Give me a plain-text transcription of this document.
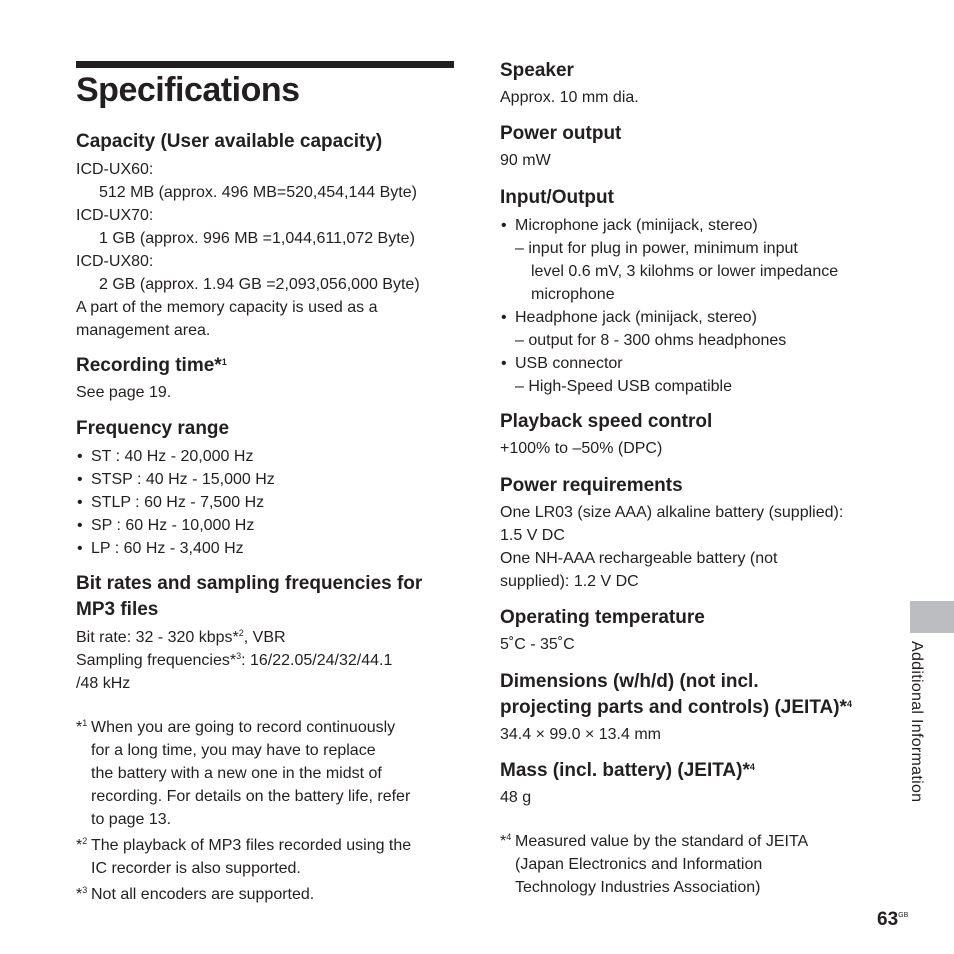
Specifications
Capacity (User available capacity)

ICD-UX60:

512 MB (approx. 496 MB=520,454,144 Byte)

ICD-UX70:

1 GB (approx. 996 MB =1,044,611,072 Byte)

ICD-UX80:

2 GB (approx. 1.94 GB =2,093,056,000 Byte)

A part of the memory capacity is used as a

management area.

Recording time*$^1$

See page 19.

Frequency range
• ST : 40 Hz - 20,000 Hz
• STSP : 40 Hz - 15,000 Hz
• STLP : 60 Hz - 7,500 Hz
• SP : 60 Hz - 10,000 Hz
• LP : 60 Hz - 3,400 Hz
Bit rates and sampling frequencies for
MP3 files

Bit rate: 32 - 320 kbps*$^2$, VBR

Sampling frequencies*$^3$: 16/22.05/24/32/44.1

/48 kHz

*$^1$ When you are going to record continuously
for a long time, you may have to replace
the battery with a new one in the midst of
recording. For details on the battery life, refer
to page 13.
*$^2$ The playback of MP3 files recorded using the
IC recorder is also supported.
*$^3$ Not all encoders are supported.
Speaker

Approx. 10 mm dia.

Power output

90 mW

Input/Output
• Microphone jack (minijack, stereo)
– input for plug in power, minimum input
level 0.6 mV, 3 kilohms or lower impedance
microphone
• Headphone jack (minijack, stereo)
– output for 8 - 300 ohms headphones
• USB connector
– High-Speed USB compatible
Playback speed control

+100% to –50% (DPC)

Power requirements

One LR03 (size AAA) alkaline battery (supplied):

1.5 V DC

One NH-AAA rechargeable battery (not

supplied): 1.2 V DC

Operating temperature

5˚C - 35˚C

Dimensions (w/h/d) (not incl.
projecting parts and controls) (JEITA)*$^4$

34.4 × 99.0 × 13.4 mm

Mass (incl. battery) (JEITA)*$^4$

48 g

*$^4$ Measured value by the standard of JEITA
(Japan Electronics and Information
Technology Industries Association)
Additional Information
$63^{GB}$
